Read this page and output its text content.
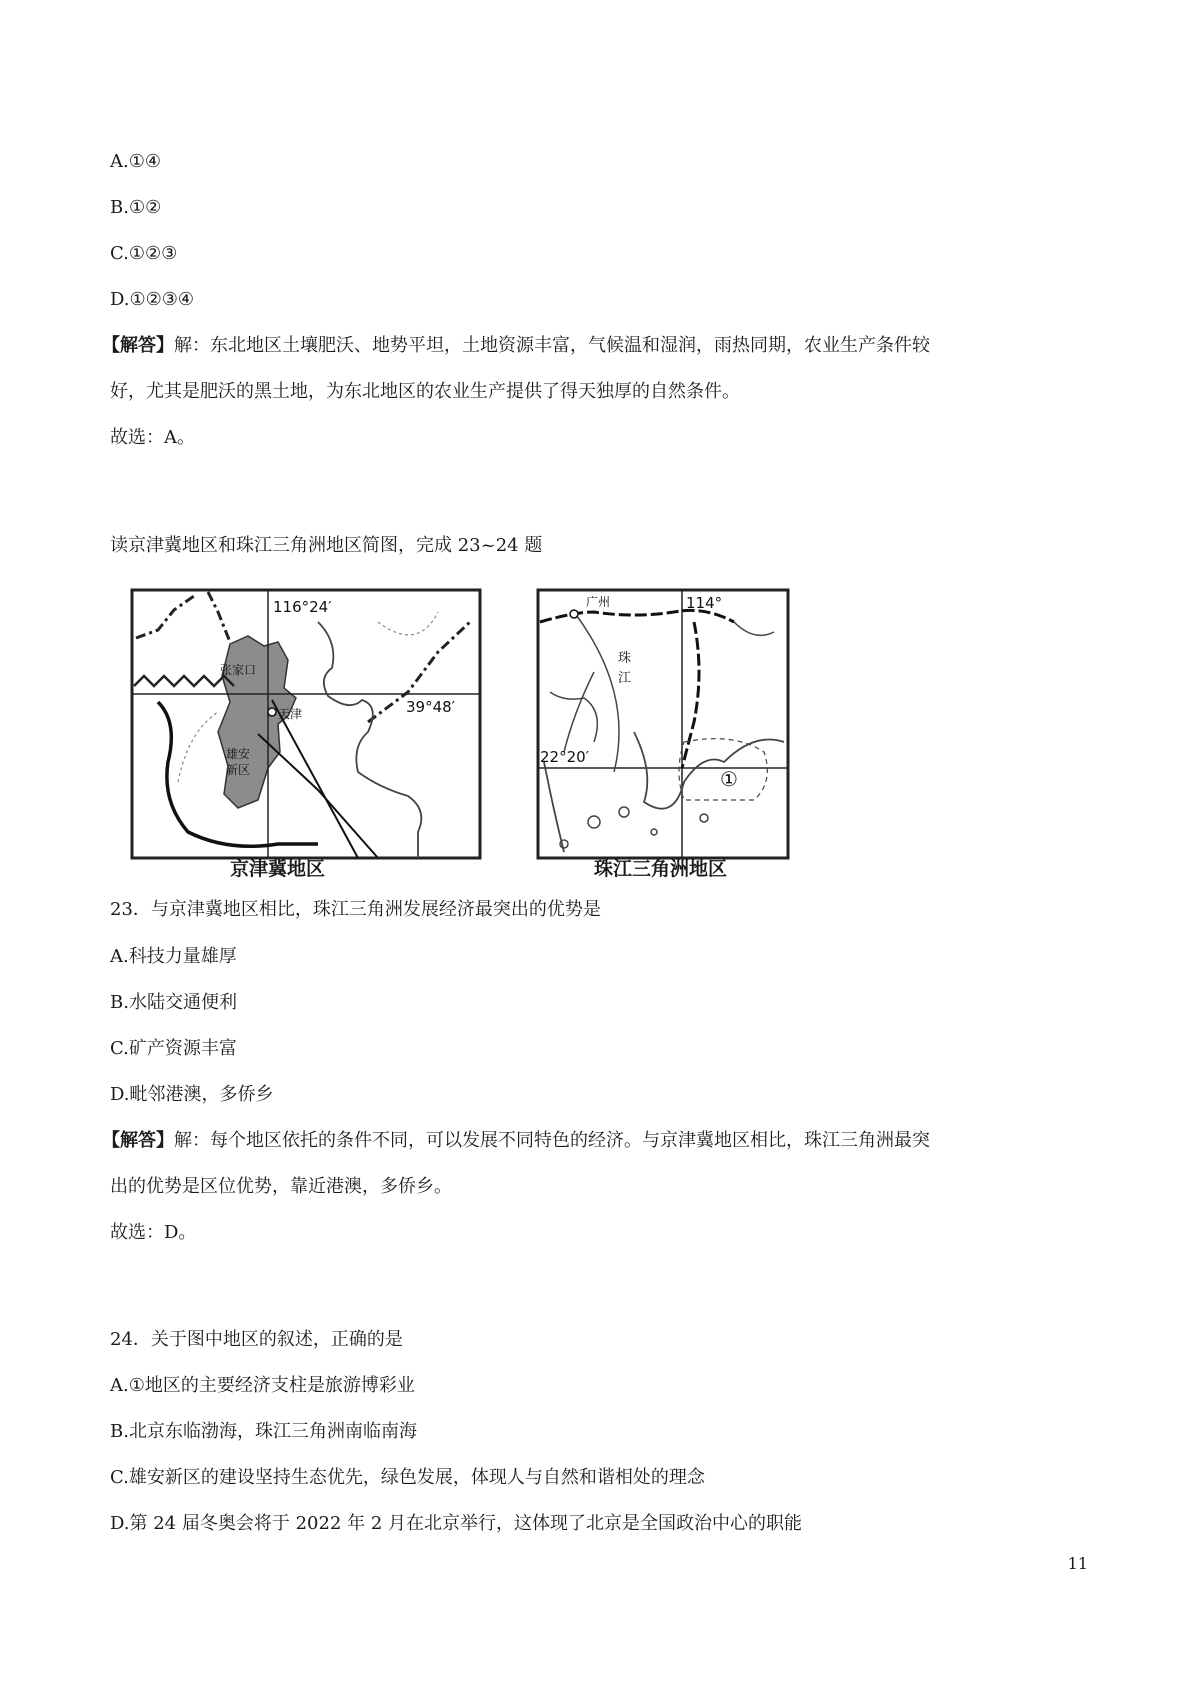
A.①④
B.①②
C.①②③
D.①②③④
【解答】解：东北地区土壤肥沃、地势平坦，土地资源丰富，气候温和湿润，雨热同期，农业生产条件较
好，尤其是肥沃的黑土地，为东北地区的农业生产提供了得天独厚的自然条件。
故选：A。
读京津冀地区和珠江三角洲地区简图，完成 23~24 题
116°24′
39°48′
张家口
天津
雄安
新区
京津冀地区
广州
珠
江
114°
22°20′
①
珠江三角洲地区
23．与京津冀地区相比，珠江三角洲发展经济最突出的优势是
A.科技力量雄厚
B.水陆交通便利
C.矿产资源丰富
D.毗邻港澳，多侨乡
【解答】解：每个地区依托的条件不同，可以发展不同特色的经济。与京津冀地区相比，珠江三角洲最突
出的优势是区位优势，靠近港澳，多侨乡。
故选：D。
24．关于图中地区的叙述，正确的是
A.①地区的主要经济支柱是旅游博彩业
B.北京东临渤海，珠江三角洲南临南海
C.雄安新区的建设坚持生态优先，绿色发展，体现人与自然和谐相处的理念
D.第 24 届冬奥会将于 2022 年 2 月在北京举行，这体现了北京是全国政治中心的职能
11
